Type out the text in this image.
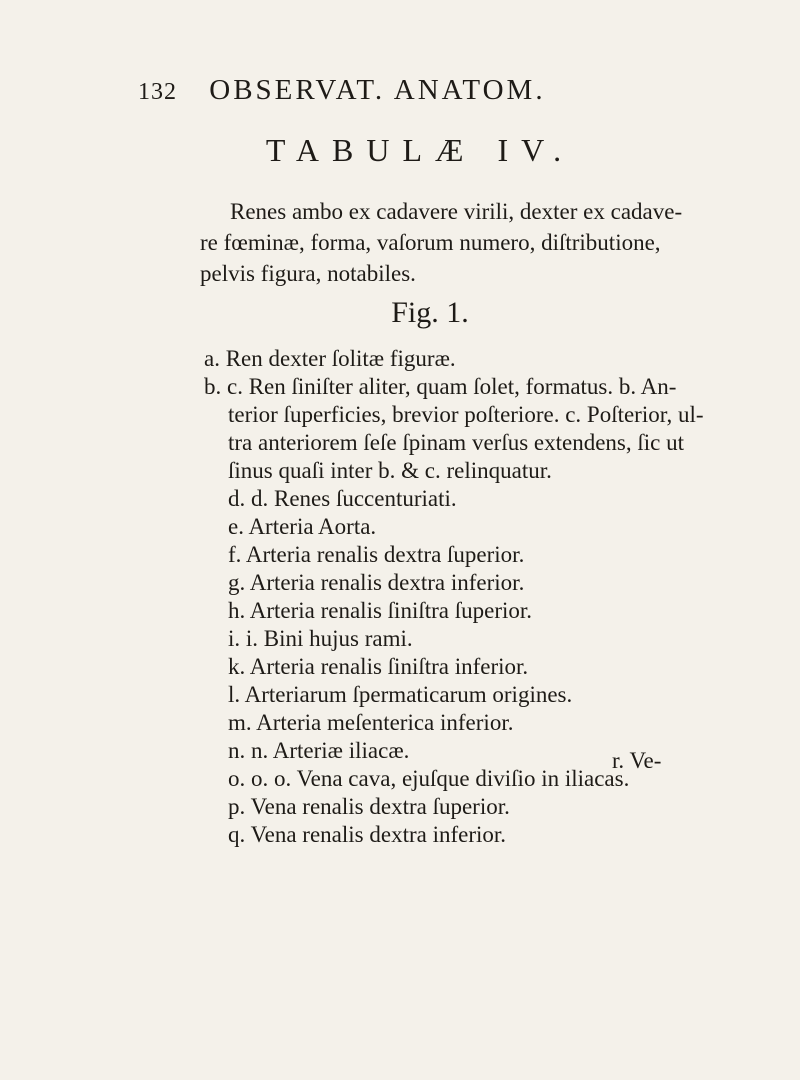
132 OBSERVAT. ANATOM.
TABULÆ IV.
Renes ambo ex cadavere virili, dexter ex cadave-
re fœminæ, forma, vaſorum numero, diſtributione,
pelvis figura, notabiles.
Fig. 1.
a. Ren dexter ſolitæ figuræ.
b. c. Ren ſiniſter aliter, quam ſolet, formatus. b. An-
terior ſuperficies, brevior poſteriore. c. Poſterior, ul-
tra anteriorem ſeſe ſpinam verſus extendens, ſic ut
ſinus quaſi inter b. & c. relinquatur.
d. d. Renes ſuccenturiati.
e. Arteria Aorta.
f. Arteria renalis dextra ſuperior.
g. Arteria renalis dextra inferior.
h. Arteria renalis ſiniſtra ſuperior.
i. i. Bini hujus rami.
k. Arteria renalis ſiniſtra inferior.
l. Arteriarum ſpermaticarum origines.
m. Arteria meſenterica inferior.
n. n. Arteriæ iliacæ.
o. o. o. Vena cava, ejuſque diviſio in iliacas.
p. Vena renalis dextra ſuperior.
q. Vena renalis dextra inferior.
r. Ve-
